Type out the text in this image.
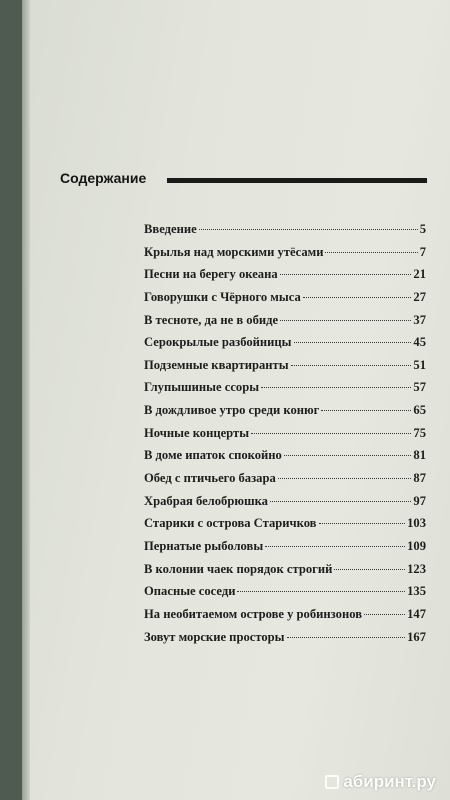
Содержание
Введение	5
Крылья над морскими утёсами	7
Песни на берегу океана	21
Говорушки с Чёрного мыса	27
В тесноте, да не в обиде	37
Серокрылые разбойницы	45
Подземные квартиранты	51
Глупышиные ссоры	57
В дождливое утро среди конюг	65
Ночные концерты	75
В доме ипаток спокойно	81
Обед с птичьего базара	87
Храбрая белобрюшка	97
Старики с острова Старичков	103
Пернатые рыболовы	109
В колонии чаек порядок строгий	123
Опасные соседи	135
На необитаемом острове у робинзонов	147
Зовут морские просторы	167
абиринт.ру
